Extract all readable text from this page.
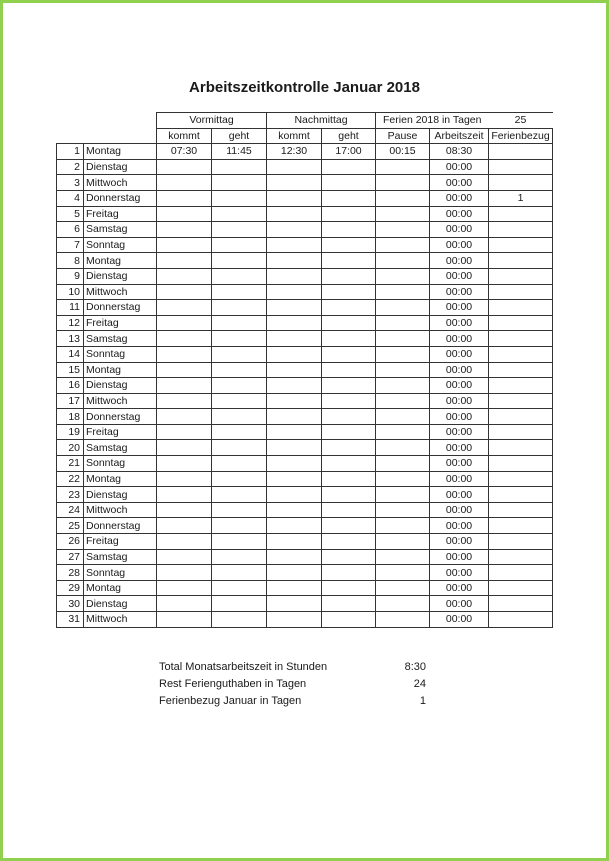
Arbeitszeitkontrolle Januar 2018
		Vormittag		Nachmittag		Ferien 2018 in Tagen		25
		kommt	geht	kommt	geht	Pause	Arbeitszeit	Ferienbezug
1	Montag	07:30	11:45	12:30	17:00	00:15	08:30	
2	Dienstag						00:00	
3	Mittwoch						00:00	
4	Donnerstag						00:00	1
5	Freitag						00:00	
6	Samstag						00:00	
7	Sonntag						00:00	
8	Montag						00:00	
9	Dienstag						00:00	
10	Mittwoch						00:00	
11	Donnerstag						00:00	
12	Freitag						00:00	
13	Samstag						00:00	
14	Sonntag						00:00	
15	Montag						00:00	
16	Dienstag						00:00	
17	Mittwoch						00:00	
18	Donnerstag						00:00	
19	Freitag						00:00	
20	Samstag						00:00	
21	Sonntag						00:00	
22	Montag						00:00	
23	Dienstag						00:00	
24	Mittwoch						00:00	
25	Donnerstag						00:00	
26	Freitag						00:00	
27	Samstag						00:00	
28	Sonntag						00:00	
29	Montag						00:00	
30	Dienstag						00:00	
31	Mittwoch						00:00	
Total Monatsarbeitszeit in Stunden	8:30
Rest Ferienguthaben in Tagen	24
Ferienbezug Januar in Tagen	1
